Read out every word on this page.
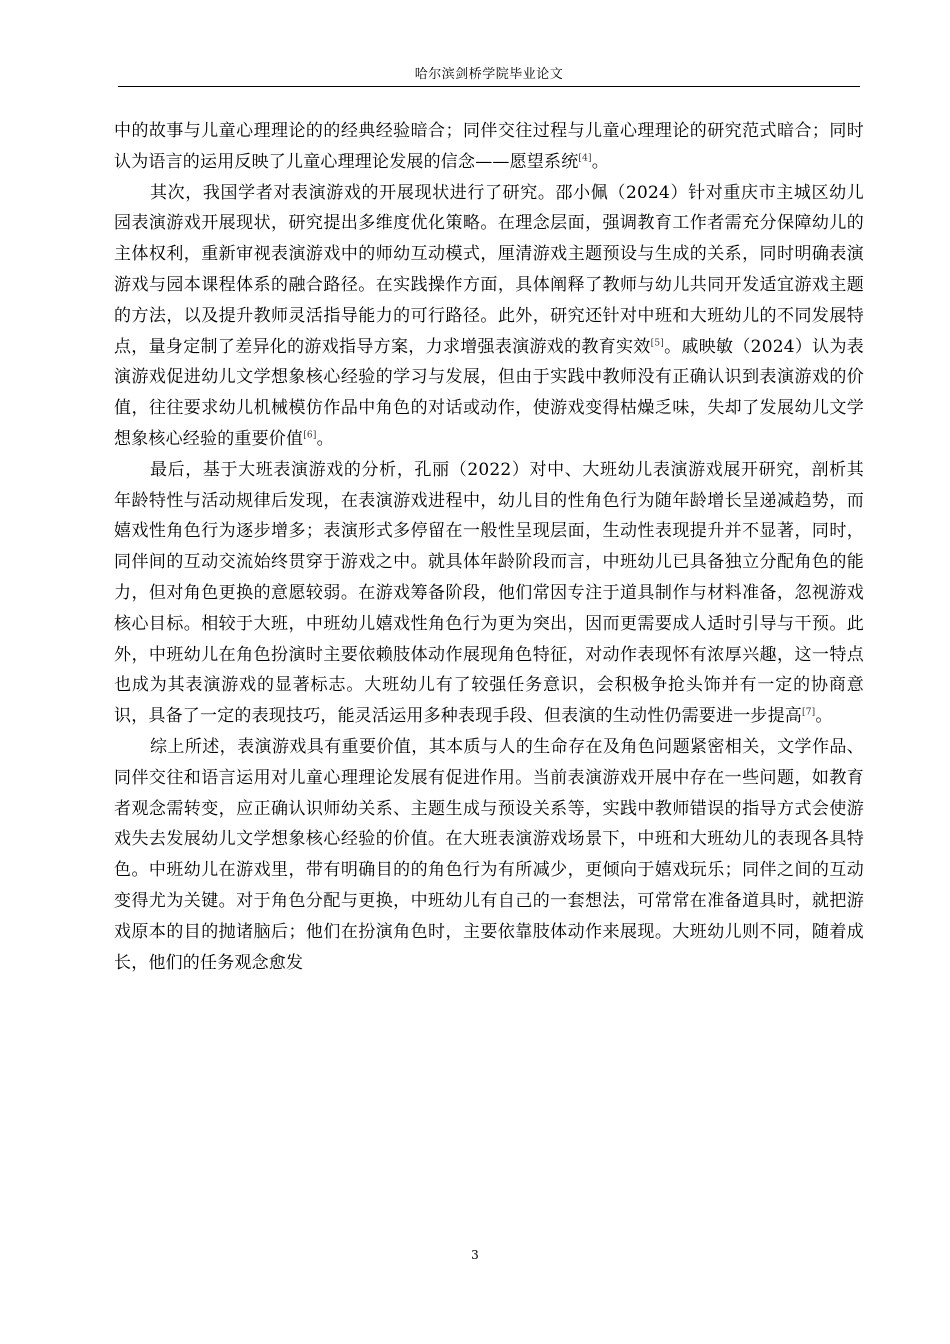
哈尔滨剑桥学院毕业论文

中的故事与儿童心理理论的的经典经验暗合；同伴交往过程与儿童心理理论的研究范式暗合；同时认为语言的运用反映了儿童心理理论发展的信念——愿望系统[4]。

其次，我国学者对表演游戏的开展现状进行了研究。邵小佩（2024）针对重庆市主城区幼儿园表演游戏开展现状，研究提出多维度优化策略。在理念层面，强调教育工作者需充分保障幼儿的主体权利，重新审视表演游戏中的师幼互动模式，厘清游戏主题预设与生成的关系，同时明确表演游戏与园本课程体系的融合路径。在实践操作方面，具体阐释了教师与幼儿共同开发适宜游戏主题的方法，以及提升教师灵活指导能力的可行路径。此外，研究还针对中班和大班幼儿的不同发展特点，量身定制了差异化的游戏指导方案，力求增强表演游戏的教育实效[5]。戚映敏（2024）认为表演游戏促进幼儿文学想象核心经验的学习与发展，但由于实践中教师没有正确认识到表演游戏的价值，往往要求幼儿机械模仿作品中角色的对话或动作，使游戏变得枯燥乏味，失却了发展幼儿文学想象核心经验的重要价值[6]。

最后，基于大班表演游戏的分析，孔丽（2022）对中、大班幼儿表演游戏展开研究，剖析其年龄特性与活动规律后发现，在表演游戏进程中，幼儿目的性角色行为随年龄增长呈递减趋势，而嬉戏性角色行为逐步增多；表演形式多停留在一般性呈现层面，生动性表现提升并不显著，同时，同伴间的互动交流始终贯穿于游戏之中。就具体年龄阶段而言，中班幼儿已具备独立分配角色的能力，但对角色更换的意愿较弱。在游戏筹备阶段，他们常因专注于道具制作与材料准备，忽视游戏核心目标。相较于大班，中班幼儿嬉戏性角色行为更为突出，因而更需要成人适时引导与干预。此外，中班幼儿在角色扮演时主要依赖肢体动作展现角色特征，对动作表现怀有浓厚兴趣，这一特点也成为其表演游戏的显著标志。大班幼儿有了较强任务意识，会积极争抢头饰并有一定的协商意识，具备了一定的表现技巧，能灵活运用多种表现手段、但表演的生动性仍需要进一步提高[7]。

综上所述，表演游戏具有重要价值，其本质与人的生命存在及角色问题紧密相关，文学作品、同伴交往和语言运用对儿童心理理论发展有促进作用。当前表演游戏开展中存在一些问题，如教育者观念需转变，应正确认识师幼关系、主题生成与预设关系等，实践中教师错误的指导方式会使游戏失去发展幼儿文学想象核心经验的价值。在大班表演游戏场景下，中班和大班幼儿的表现各具特色。中班幼儿在游戏里，带有明确目的的角色行为有所减少，更倾向于嬉戏玩乐；同伴之间的互动变得尤为关键。对于角色分配与更换，中班幼儿有自己的一套想法，可常常在准备道具时，就把游戏原本的目的抛诸脑后；他们在扮演角色时，主要依靠肢体动作来展现。大班幼儿则不同，随着成长，他们的任务观念愈发

3
